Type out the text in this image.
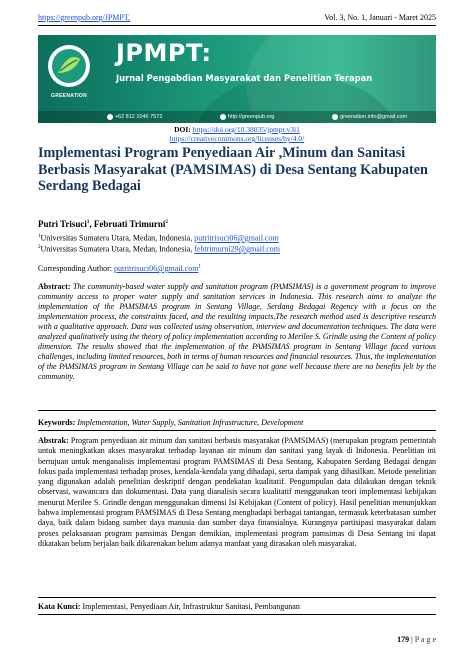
https://greenpub.org/JPMPT,	Vol. 3, No. 1, Januari - Maret 2025
GREENATION
JPMPT:
Jurnal Pengabdian Masyarakat dan Penelitian Terapan
+62 812 1046 7572	http://greenpub.org	greenation.info@gmail.com
DOI: https://doi.org/10.38035/jpmpt.v3i1
https://creativecommons.org/licenses/by/4.0/
Implementasi Program Penyediaan Air ,Minum dan Sanitasi Berbasis Masyarakat (PAMSIMAS) di Desa Sentang Kabupaten Serdang Bedagai
Putri Trisuci$^1$, Februati Trimurni$^2$
$^1$Universitas Sumatera Utara, Medan, Indonesia, putritrisuci06@gmail.com
$^2$Universitas Sumatera Utara, Medan, Indonesia, febtrimurni29@gmail.com
Corresponding Author: putritrisuci06@gmail.com$^1$
Abstract: The community-based water supply and sanitation program (PAMSIMAS) is a government program to improve community access to proper water supply and sanitation services in Indonesia. This research aims to analyze the implementation of the PAMSIMAS program in Sentang Village, Serdang Bedagai Regency with a focus on the implementation process, the constraints faced, and the resulting impacts.The research method used is descriptive research with a qualitative approach. Data was collected using observation, interview and documentation techniques. The data were analyzed qualitatively using the theory of policy implementation according to Merilee S. Grindle using the Content of policy dimension. The results showed that the implementation of the PAMSIMAS program in Sentang Village faced various challenges, including limited resources, both in terms of human resources and financial resources. Thus, the implementation of the PAMSIMAS program in Sentang Village can be said to have not gone well because there are no benefits felt by the community.
Keywords: Implementation, Water Supply, Sanitation Infrastructure, Development
Abstrak: Program penyediaan air minum dan sanitasi berbasis masyarakat (PAMSIMAS) (merupakan program pemerintah untuk meningkatkan akses masyarakat terhadap layanan air minum dan sanitasi yang layak di Indonesia. Penelitian ini bertujuan untuk menganalisis implementasi program PAMSIMAS di Desa Sentang, Kabupaten Serdang Bedagai dengan fokus pada implementasi terhadap proses, kendala-kendala yang dihadapi, serta dampak yang dihasilkan. Metode penelitian yang digunakan adalah penelitian deskriptif dengan pendekatan kualitatif. Pengumpulan data dilakukan dengan teknik observasi, wawancara dan dokumentasi. Data yang dianalisis secara kualitatif menggunakan teori implementasi kebijakan menurut Merilee S. Grindle dengan menggunakan dimensi Isi Kebijakan (Content of policy). Hasil penelitian menunjukkan bahwa implementasi program PAMSIMAS di Desa Sentang menghadapi berbagai tantangan, termasuk keterbatasan sumber daya, baik dalam bidang sumber daya manusia dan sumber daya finansialnya. Kurangnya partisipasi masyarakat dalam proses pelaksanaan program pamsimas Dengan demikian, implementasi program pamsimas di Desa Sentang ini dapat dikatakan belum berjalan baik dikarenakan belum adanya manfaat yang dirasakan oleh masyarakat.
Kata Kunci: Implementasi, Penyediaan Air, Infrastruktur Sanitasi, Pembangunan
179 | P a g e
